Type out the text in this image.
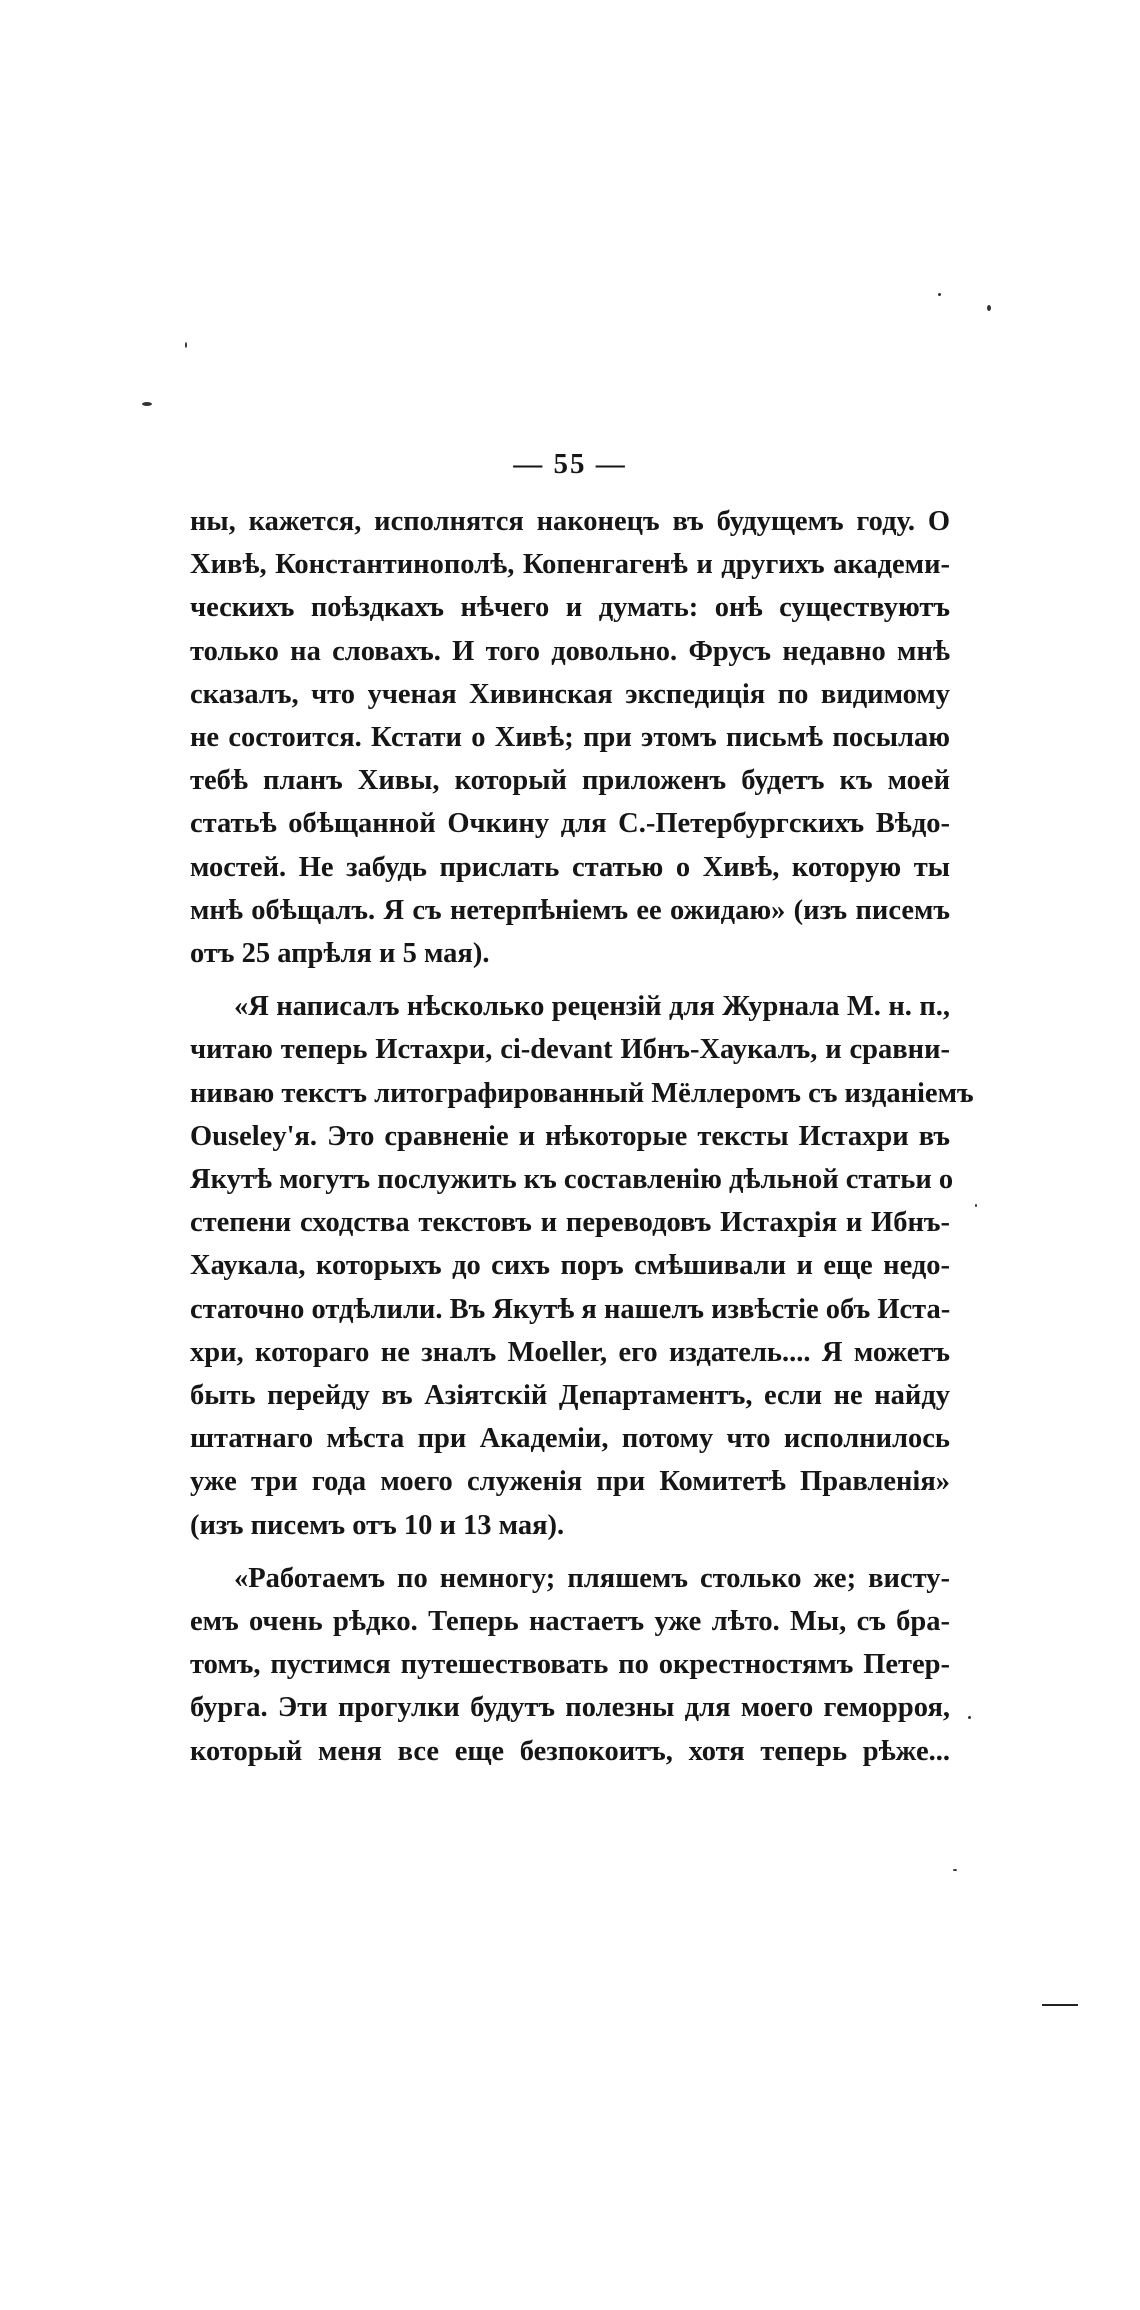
— 55 —

ны, кажется, исполнятся наконецъ въ будущемъ году. О
Хивѣ, Константинополѣ, Копенгагенѣ и другихъ академи-
ческихъ поѣздкахъ нѣчего и думать: онѣ существуютъ
только на словахъ. И того довольно. Фрусъ недавно мнѣ
сказалъ, что ученая Хивинская экспедиція по видимому
не состоится. Кстати о Хивѣ; при этомъ письмѣ посылаю
тебѣ планъ Хивы, который приложенъ будетъ къ моей
статьѣ обѣщанной Очкину для С.-Петербургскихъ Вѣдо-
мостей. Не забудь прислать статью о Хивѣ, которую ты
мнѣ обѣщалъ. Я съ нетерпѣніемъ ее ожидаю» (изъ писемъ
отъ 25 апрѣля и 5 мая).

«Я написалъ нѣсколько рецензій для Журнала М. н. п.,
читаю теперь Истахри, ci-devant Ибнъ-Хаукалъ, и сравни-
ниваю текстъ литографированный Мёллеромъ съ изданіемъ
Ouseley'я. Это сравненіе и нѣкоторые тексты Истахри въ
Якутѣ могутъ послужить къ составленію дѣльной статьи о
степени сходства текстовъ и переводовъ Истахрія и Ибнъ-
Хаукала, которыхъ до сихъ поръ смѣшивали и еще недо-
статочно отдѣлили. Въ Якутѣ я нашелъ извѣстіе объ Иста-
хри, котораго не зналъ Moeller, его издатель.... Я можетъ
быть перейду въ Азіятскій Департаментъ, если не найду
штатнаго мѣста при Академіи, потому что исполнилось
уже три года моего служенія при Комитетѣ Правленія»
(изъ писемъ отъ 10 и 13 мая).

«Работаемъ по немногу; пляшемъ столько же; висту-
емъ очень рѣдко. Теперь настаетъ уже лѣто. Мы, съ бра-
томъ, пустимся путешествовать по окрестностямъ Петер-
бурга. Эти прогулки будутъ полезны для моего геморроя,
который меня все еще безпокоитъ, хотя теперь рѣже...
